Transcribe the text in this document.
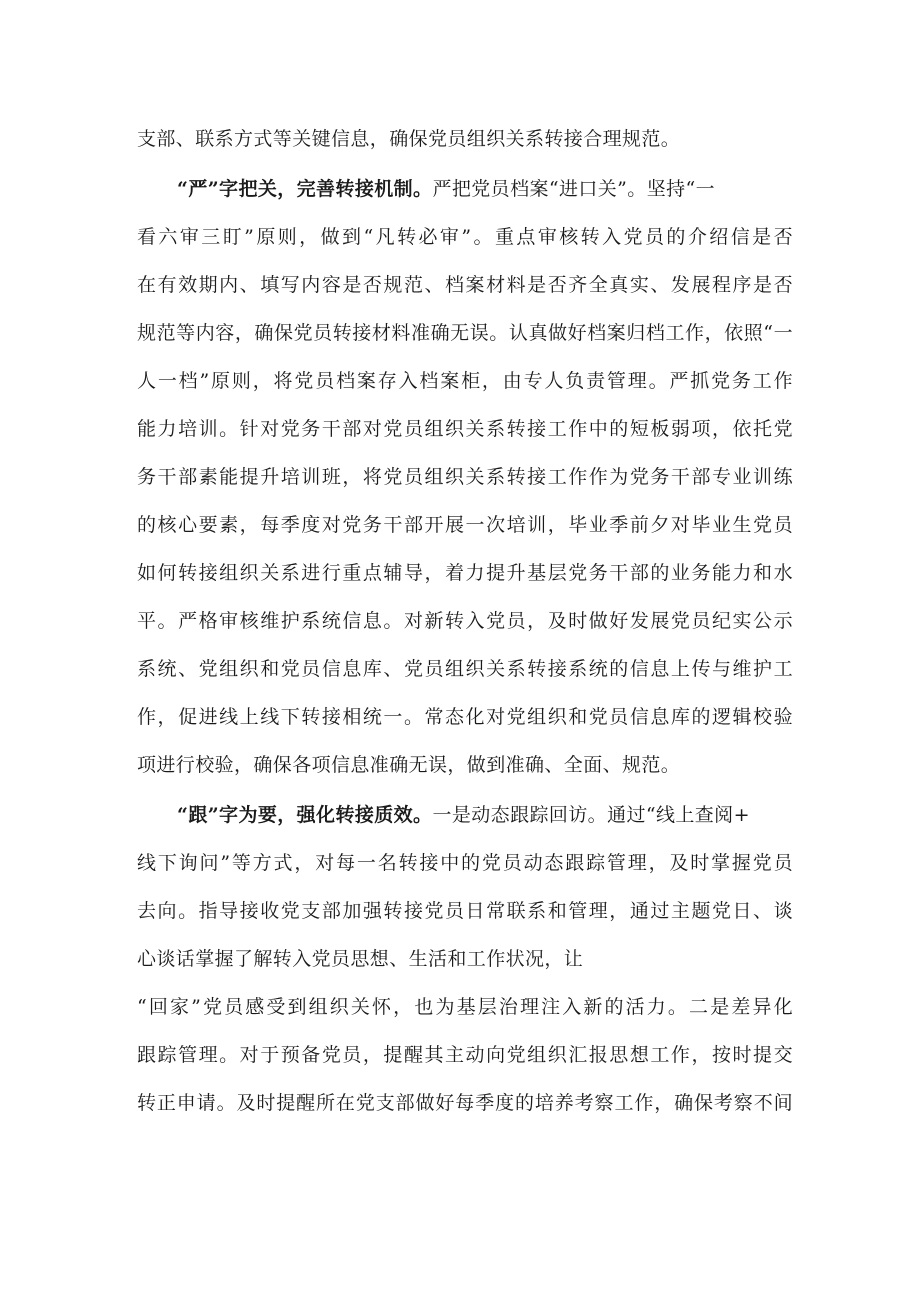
支部、联系方式等关键信息，确保党员组织关系转接合理规范。
“严”字把关，完善转接机制。严把党员档案“进口关”。坚持“一
看六审三盯”原则，做到“凡转必审”。重点审核转入党员的介绍信是否
在有效期内、填写内容是否规范、档案材料是否齐全真实、发展程序是否
规范等内容，确保党员转接材料准确无误。认真做好档案归档工作，依照“一
人一档”原则，将党员档案存入档案柜，由专人负责管理。严抓党务工作
能力培训。针对党务干部对党员组织关系转接工作中的短板弱项，依托党
务干部素能提升培训班，将党员组织关系转接工作作为党务干部专业训练
的核心要素，每季度对党务干部开展一次培训，毕业季前夕对毕业生党员
如何转接组织关系进行重点辅导，着力提升基层党务干部的业务能力和水
平。严格审核维护系统信息。对新转入党员，及时做好发展党员纪实公示
系统、党组织和党员信息库、党员组织关系转接系统的信息上传与维护工
作，促进线上线下转接相统一。常态化对党组织和党员信息库的逻辑校验
项进行校验，确保各项信息准确无误，做到准确、全面、规范。
“跟”字为要，强化转接质效。一是动态跟踪回访。通过“线上查阅+
线下询问”等方式，对每一名转接中的党员动态跟踪管理，及时掌握党员
去向。指导接收党支部加强转接党员日常联系和管理，通过主题党日、谈
心谈话掌握了解转入党员思想、生活和工作状况，让
“回家”党员感受到组织关怀，也为基层治理注入新的活力。二是差异化
跟踪管理。对于预备党员，提醒其主动向党组织汇报思想工作，按时提交
转正申请。及时提醒所在党支部做好每季度的培养考察工作，确保考察不间
